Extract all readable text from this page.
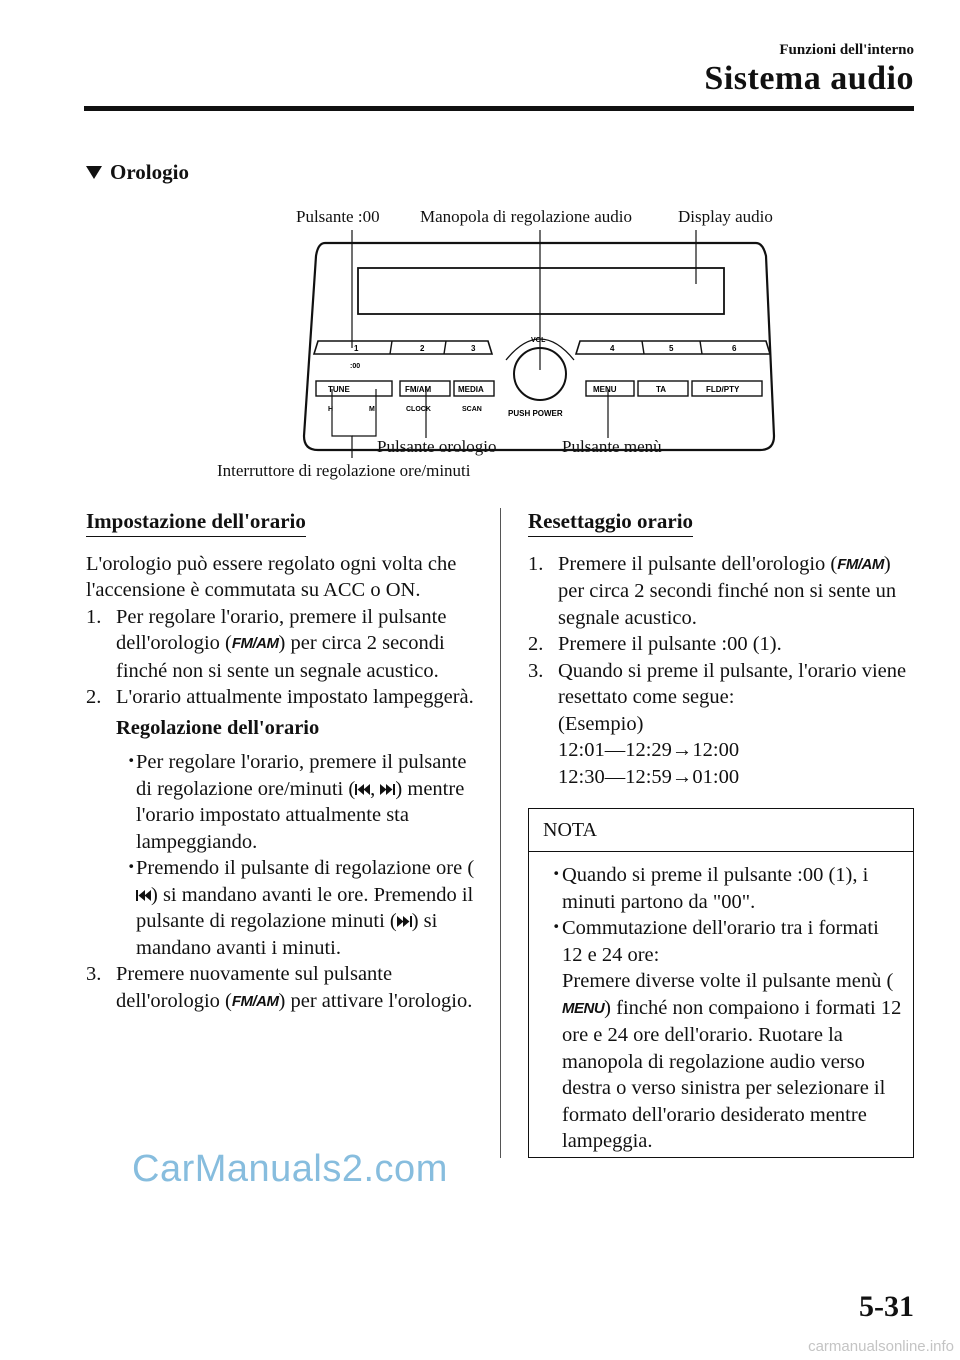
Funzioni dell'interno
Sistema audio
Orologio
1	2	3	4	5	6
:00
VOL
PUSH POWER
TUNE	FM/AM	MEDIA	MENU	TA	FLD/PTY
H	M	CLOCK	SCAN
Pulsante :00 Manopola di regolazione audio	Display audio
Pulsante orologio	Pulsante menù
Interruttore di regolazione ore/minuti
Impostazione dell'orario

L'orologio può essere regolato ogni volta che l'accensione è commutata su ACC o ON.

1. Per regolare l'orario, premere il pulsante dell'orologio (FM/AM) per circa 2 secondi finché non si sente un segnale acustico.

2. L'orario attualmente impostato lampeggerà.

Regolazione dell'orario

・
Per regolare l'orario, premere il pulsante di regolazione ore/minuti ( , ) mentre l'orario impostato attualmente sta lampeggiando.

・
Premendo il pulsante di regolazione ore () si mandano avanti le ore. Premendo il pulsante di regolazione minuti ( ) si mandano avanti i minuti.

3. Premere nuovamente sul pulsante dell'orologio (FM/AM) per attivare l'orologio.

Resettaggio orario

1. Premere il pulsante dell'orologio (FM/AM) per circa 2 secondi finché non si sente un segnale acustico.

2. Premere il pulsante :00 (1).

3. Quando si preme il pulsante, l'orario viene resettato come segue:
(Esempio)
12:01―12:29→12:00
12:30―12:59→01:00

NOTA

・
Quando si preme il pulsante :00 (1), i minuti partono da "00".

・
Commutazione dell'orario tra i formati 12 e 24 ore:
Premere diverse volte il pulsante menù (MENU) finché non compaiono i formati 12 ore e 24 ore dell'orario. Ruotare la manopola di regolazione audio verso destra o verso sinistra per selezionare il formato dell'orario desiderato mentre lampeggia.

CarManuals2.com
5-31
carmanualsonline.info
